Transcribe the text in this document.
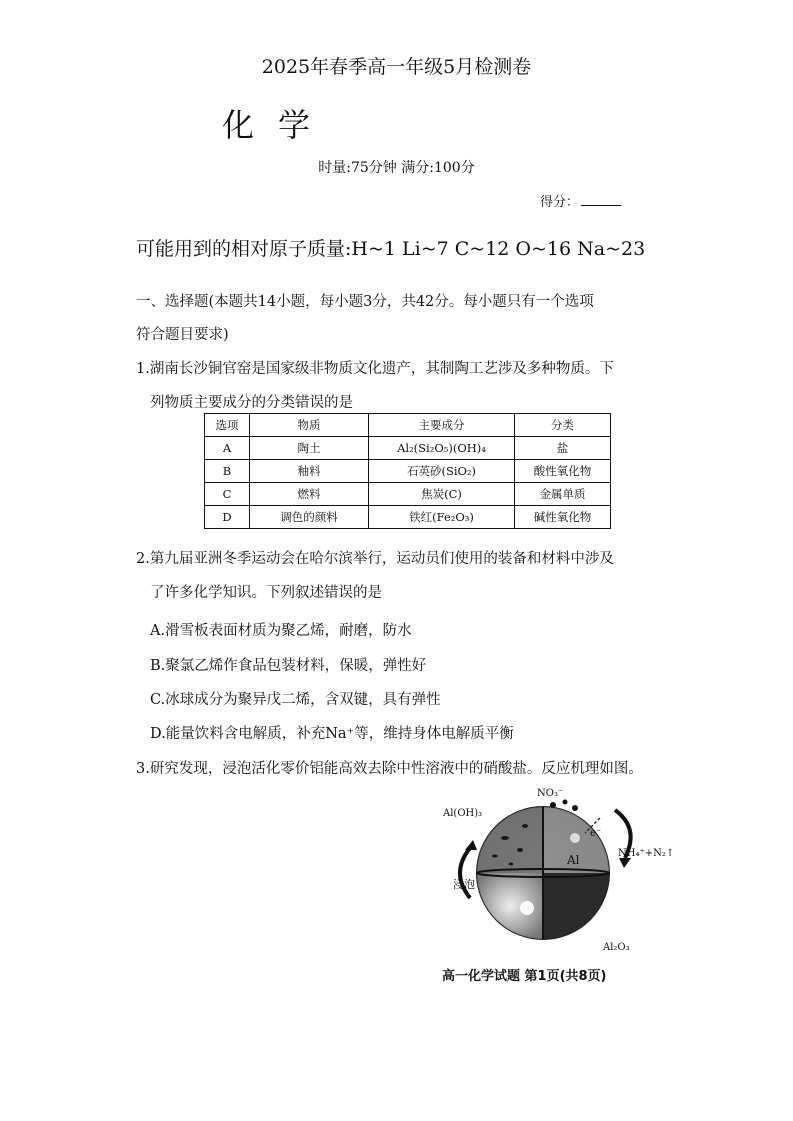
2025年春季高一年级5月检测卷
化学
时量:75分钟 满分:100分
得分：
可能用到的相对原子质量:H~1 Li~7 C~12 O~16 Na~23
一、选择题(本题共14小题，每小题3分，共42分。每小题只有一个选项
符合题目要求)
1.湖南长沙铜官窑是国家级非物质文化遗产，其制陶工艺涉及多种物质。下
列物质主要成分的分类错误的是
选项	物质	主要成分	分类
A	陶土	Al₂(Si₂O₅)(OH)₄	盐
B	釉料	石英砂(SiO₂)	酸性氧化物
C	燃料	焦炭(C)	金属单质
D	调色的颜料	铁红(Fe₂O₃)	碱性氧化物
2.第九届亚洲冬季运动会在哈尔滨举行，运动员们使用的装备和材料中涉及
了许多化学知识。下列叙述错误的是
A.滑雪板表面材质为聚乙烯，耐磨，防水
B.聚氯乙烯作食品包装材料，保暖，弹性好
C.冰球成分为聚异戊二烯，含双键，具有弹性
D.能量饮料含电解质，补充Na⁺等，维持身体电解质平衡
3.研究发现，浸泡活化零价铝能高效去除中性溶液中的硝酸盐。反应机理如图。
NO₃⁻
Al(OH)₃
e⁻
Al	NH₄⁺+N₂↑
浸泡
Al₂O₃
高一化学试题 第1页(共8页)
